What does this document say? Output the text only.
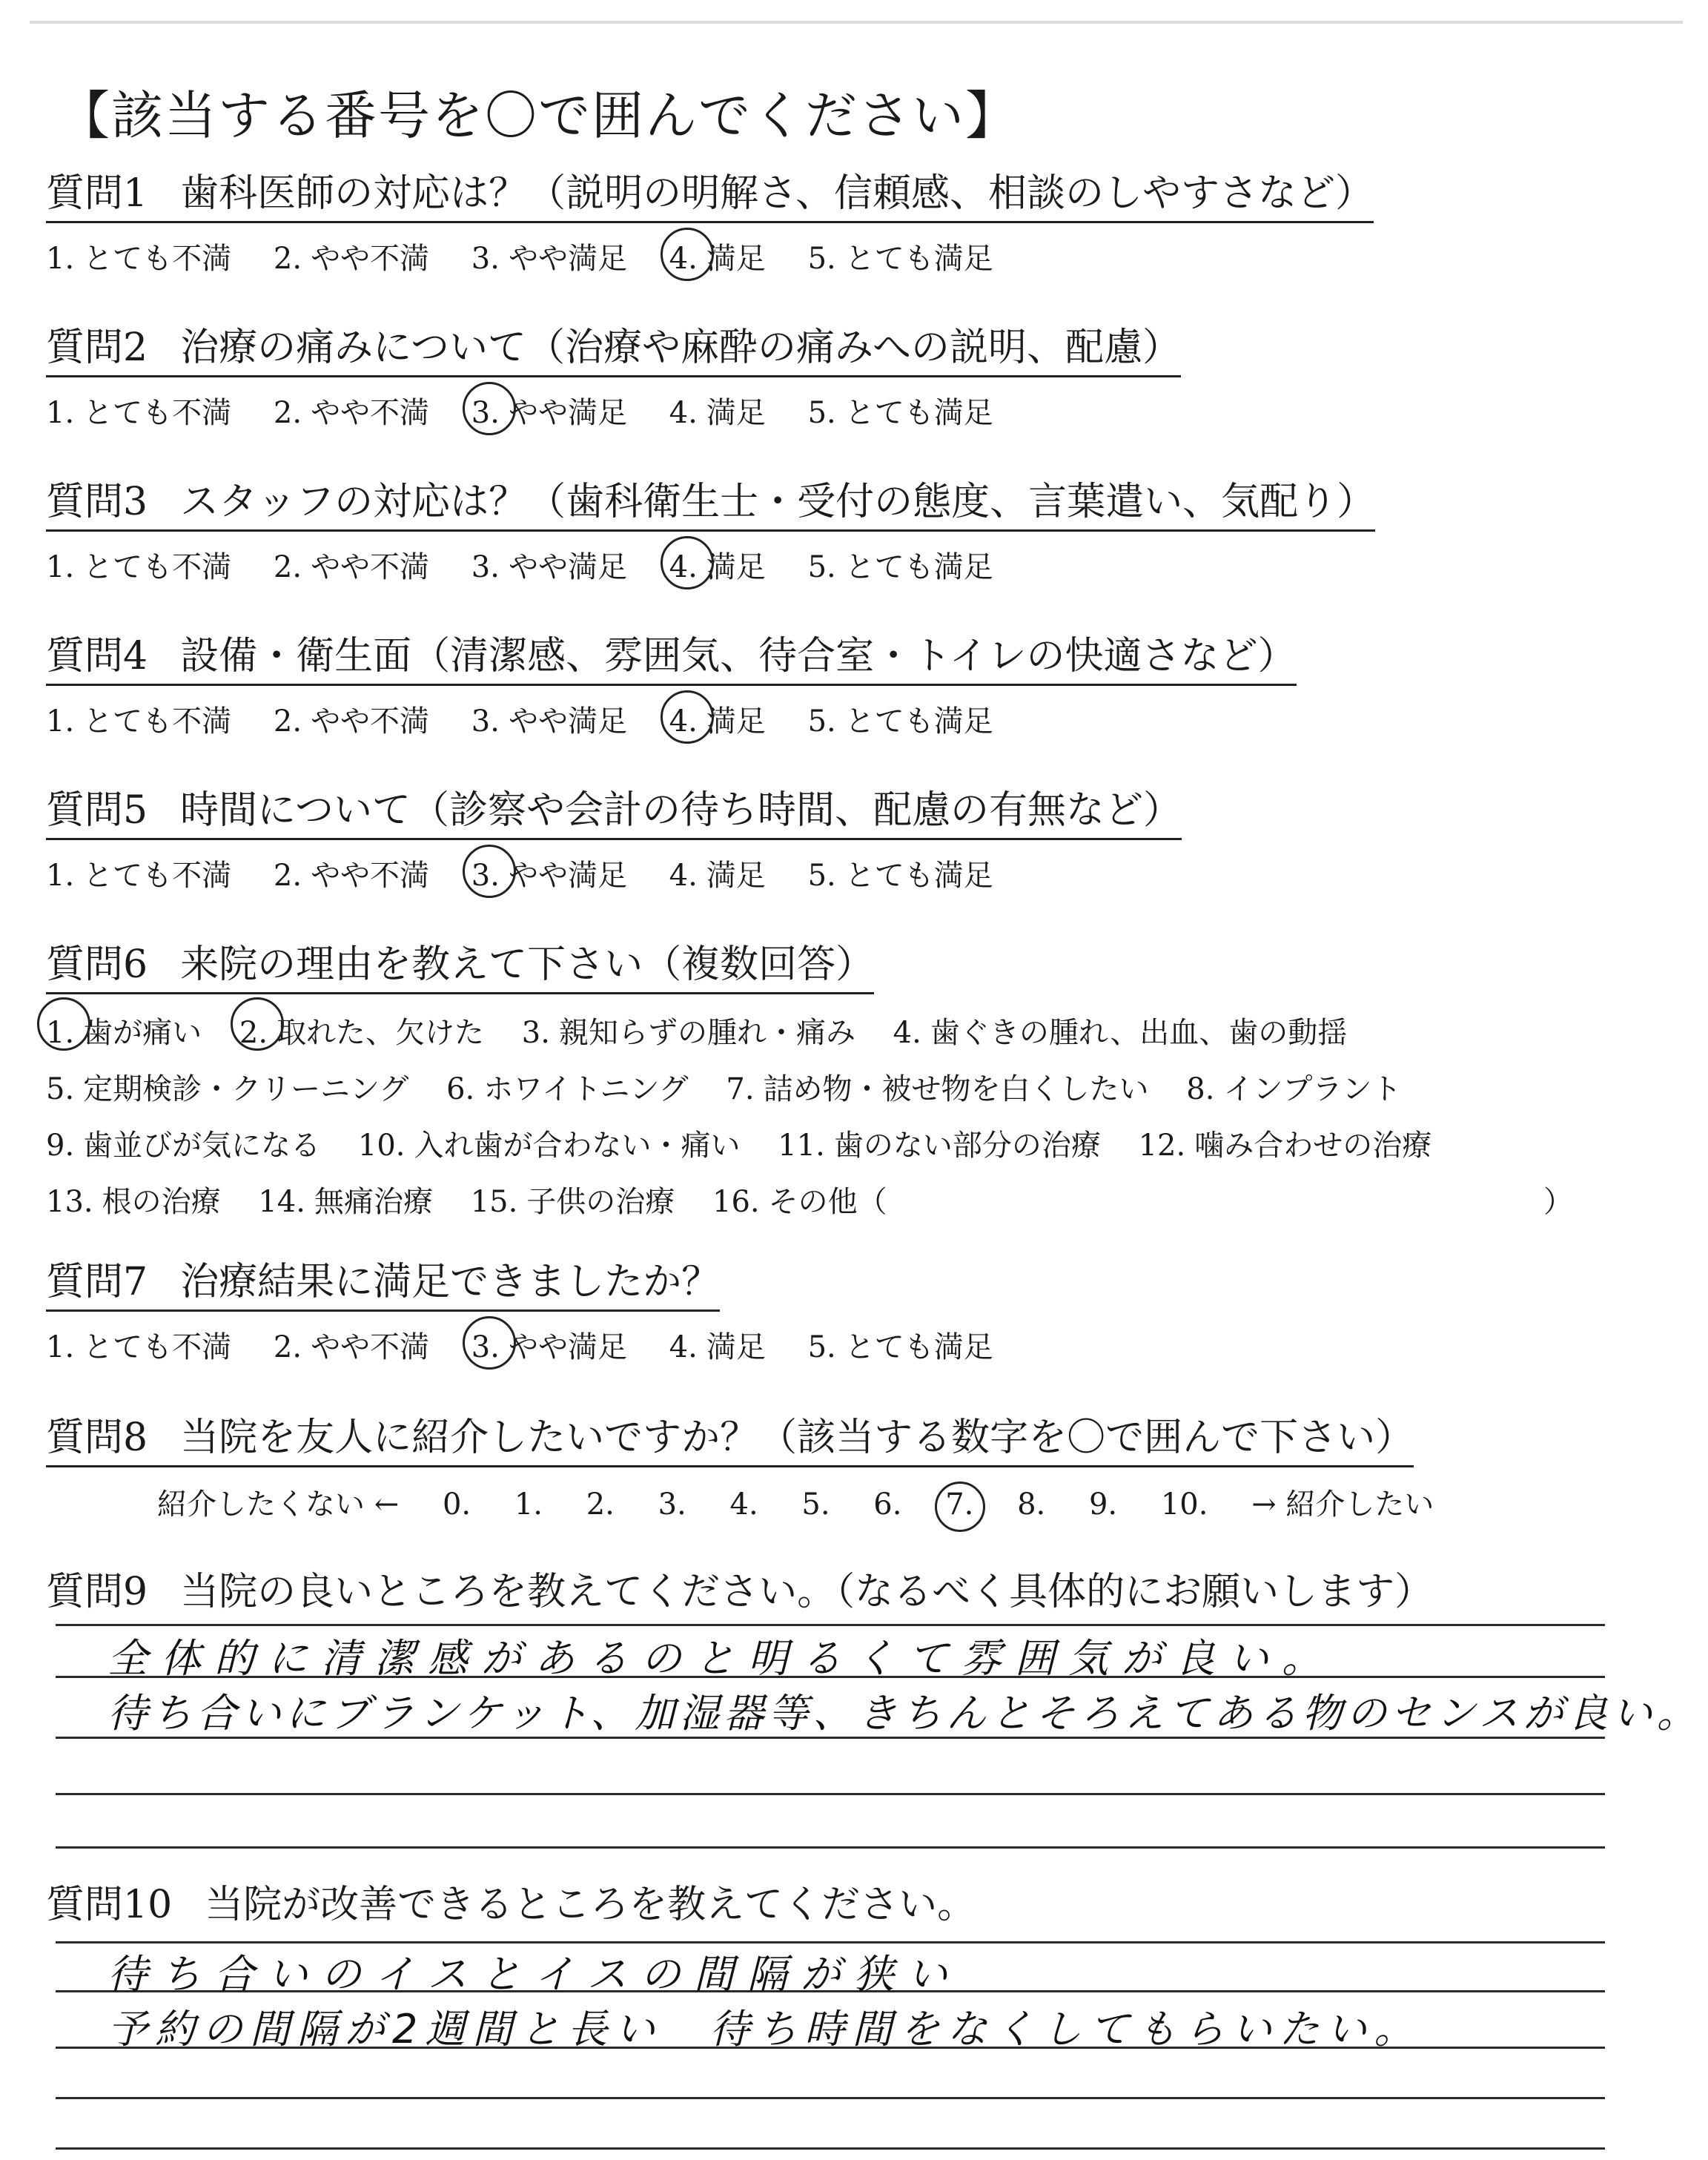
【該当する番号を〇で囲んでください】
質問1 歯科医師の対応は？（説明の明解さ、信頼感、相談のしやすさなど）
1. とても不満 2. やや不満 3. やや満足 4. 満足 5. とても満足
質問2 治療の痛みについて（治療や麻酔の痛みへの説明、配慮）
1. とても不満 2. やや不満 3. やや満足 4. 満足 5. とても満足
質問3 スタッフの対応は？（歯科衛生士・受付の態度、言葉遣い、気配り）
1. とても不満 2. やや不満 3. やや満足 4. 満足 5. とても満足
質問4 設備・衛生面（清潔感、雰囲気、待合室・トイレの快適さなど）
1. とても不満 2. やや不満 3. やや満足 4. 満足 5. とても満足
質問5 時間について（診察や会計の待ち時間、配慮の有無など）
1. とても不満 2. やや不満 3. やや満足 4. 満足 5. とても満足
質問6 来院の理由を教えて下さい（複数回答）
1. 歯が痛い 2. 取れた、欠けた 3. 親知らずの腫れ・痛み 4. 歯ぐきの腫れ、出血、歯の動揺
5. 定期検診・クリーニング 6. ホワイトニング 7. 詰め物・被せ物を白くしたい 8. インプラント
9. 歯並びが気になる 10. 入れ歯が合わない・痛い 11. 歯のない部分の治療 12. 噛み合わせの治療
13. 根の治療 14. 無痛治療 15. 子供の治療 16. その他（	）
質問7 治療結果に満足できましたか？
1. とても不満 2. やや不満 3. やや満足 4. 満足 5. とても満足
質問8 当院を友人に紹介したいですか？（該当する数字を〇で囲んで下さい）
紹介したくない ← 0. 1. 2. 3. 4. 5. 6. 7. 8. 9. 10. → 紹介したい
質問9 当院の良いところを教えてください。（なるべく具体的にお願いします）
全体的に清潔感があるのと明るくて雰囲気が良い。
待ち合いにブランケット、加湿器等、きちんとそろえてある物のセンスが良い。
質問10 当院が改善できるところを教えてください。
待ち合いのイスとイスの間隔が狭い
予約の間隔が2週間と長い　待ち時間をなくしてもらいたい。
